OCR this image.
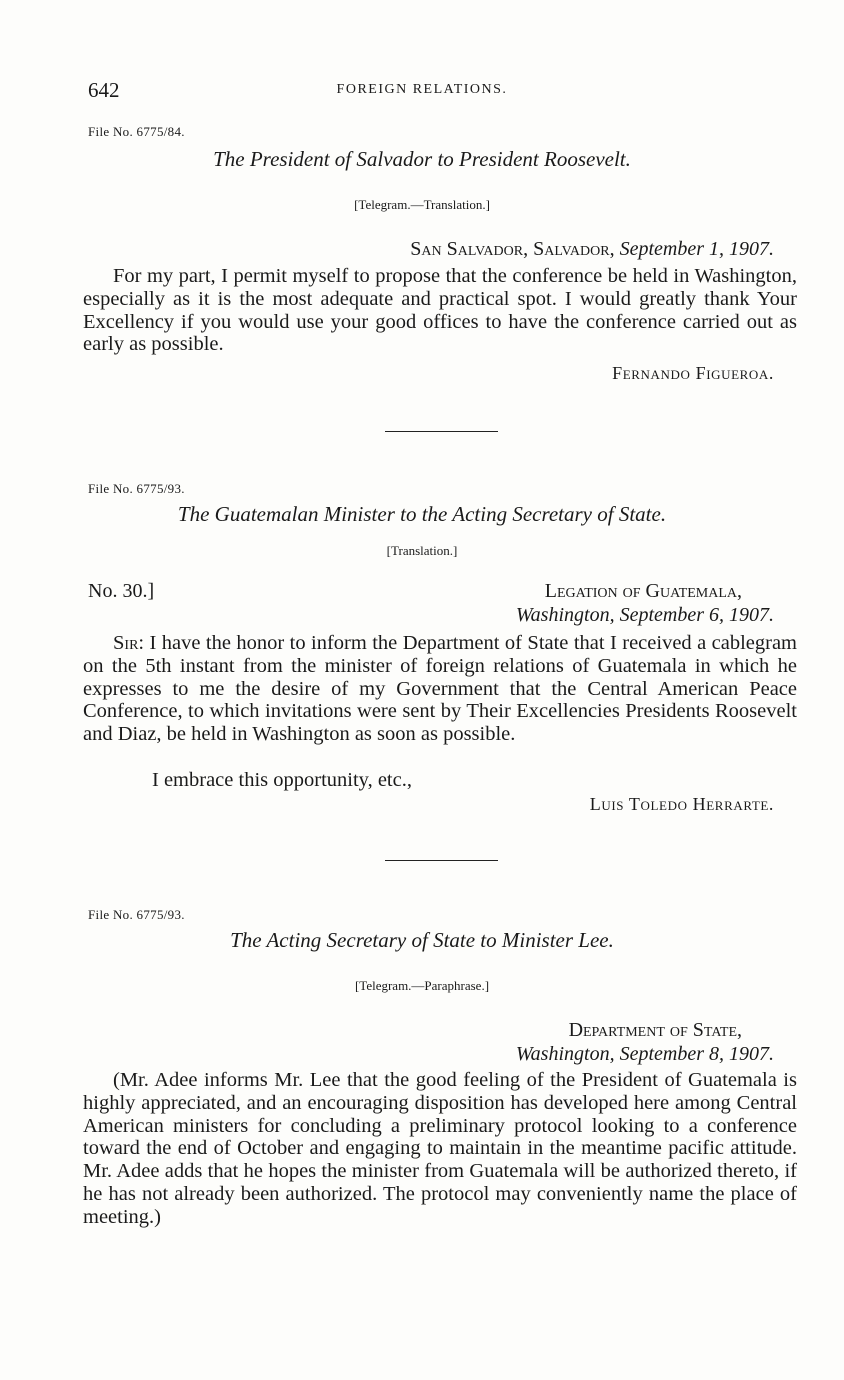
642	FOREIGN RELATIONS.
File No. 6775/84.
The President of Salvador to President Roosevelt.
[Telegram.—Translation.]
San Salvador, Salvador, September 1, 1907.

For my part, I permit myself to propose that the conference be held in Washington, especially as it is the most adequate and practical spot. I would greatly thank Your Excellency if you would use your good offices to have the conference carried out as early as possible.

Fernando Figueroa.
File No. 6775/93.
The Guatemalan Minister to the Acting Secretary of State.
[Translation.]
No. 30.]	Legation of Guatemala,
Washington, September 6, 1907.

Sir: I have the honor to inform the Department of State that I received a cablegram on the 5th instant from the minister of foreign relations of Guatemala in which he expresses to me the desire of my Government that the Central American Peace Conference, to which invitations were sent by Their Excellencies Presidents Roosevelt and Diaz, be held in Washington as soon as possible.

I embrace this opportunity, etc.,
Luis Toledo Herrarte.
File No. 6775/93.
The Acting Secretary of State to Minister Lee.
[Telegram.—Paraphrase.]
Department of State,
Washington, September 8, 1907.

(Mr. Adee informs Mr. Lee that the good feeling of the President of Guatemala is highly appreciated, and an encouraging disposition has developed here among Central American ministers for concluding a preliminary protocol looking to a conference toward the end of October and engaging to maintain in the meantime pacific attitude. Mr. Adee adds that he hopes the minister from Guatemala will be authorized thereto, if he has not already been authorized. The protocol may conveniently name the place of meeting.)
